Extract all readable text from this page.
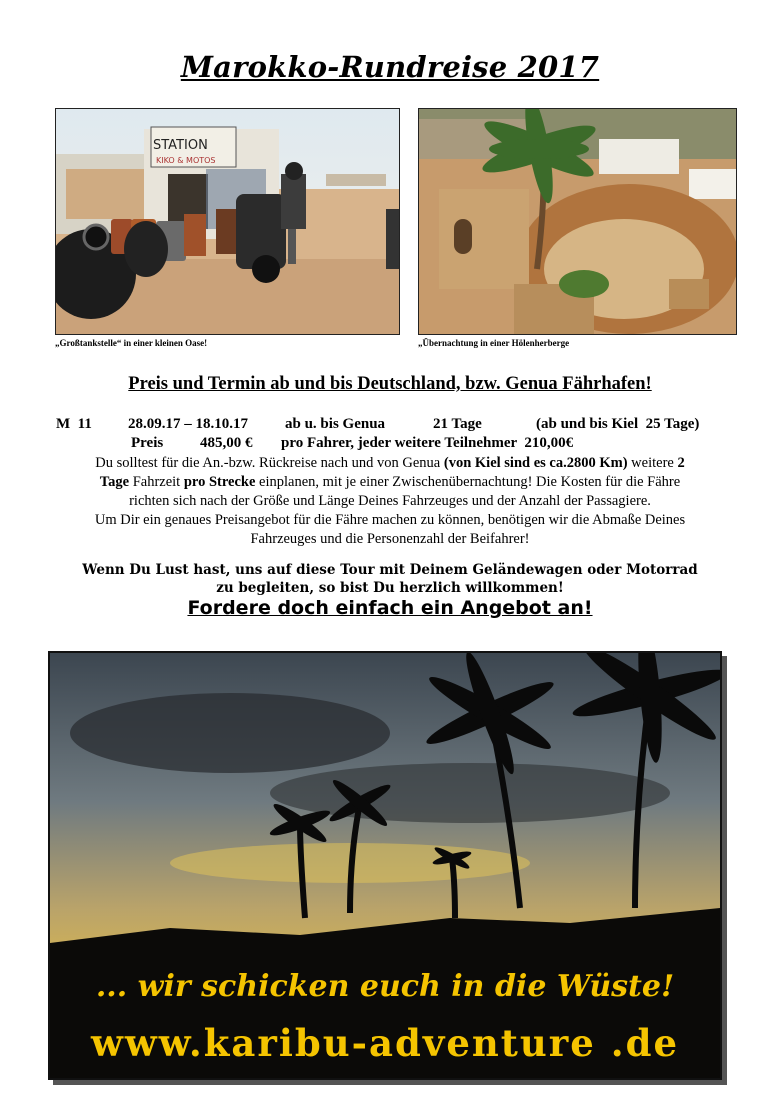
Marokko-Rundreise 2017
STATION
KIKO & MOTOS
„Großtankstelle“ in einer kleinen Oase!	„Übernachtung in einer Hölenherberge
Preis und Termin ab und bis Deutschland, bzw. Genua Fährhafen!
M  11 28.09.17 – 18.10.17 ab u. bis Genua	21 Tage	(ab und bis Kiel  25 Tage)
Preis 485,00 € pro Fahrer, jeder weitere Teilnehmer  210,00€
Du solltest für die An.-bzw. Rückreise nach und von Genua (von Kiel sind es ca.2800 Km) weitere 2
Tage Fahrzeit pro Strecke einplanen, mit je einer Zwischenübernachtung! Die Kosten für die Fähre
richten sich nach der Größe und Länge Deines Fahrzeuges und der Anzahl der Passagiere.
Um Dir ein genaues Preisangebot für die Fähre machen zu können, benötigen wir die Abmaße Deines
Fahrzeuges und die Personenzahl der Beifahrer!
Wenn Du Lust hast, uns auf diese Tour mit Deinem Geländewagen oder Motorrad
zu begleiten, so bist Du herzlich willkommen!
Fordere doch einfach ein Angebot an!
... wir schicken euch in die Wüste!
www.karibu-adventure .de
